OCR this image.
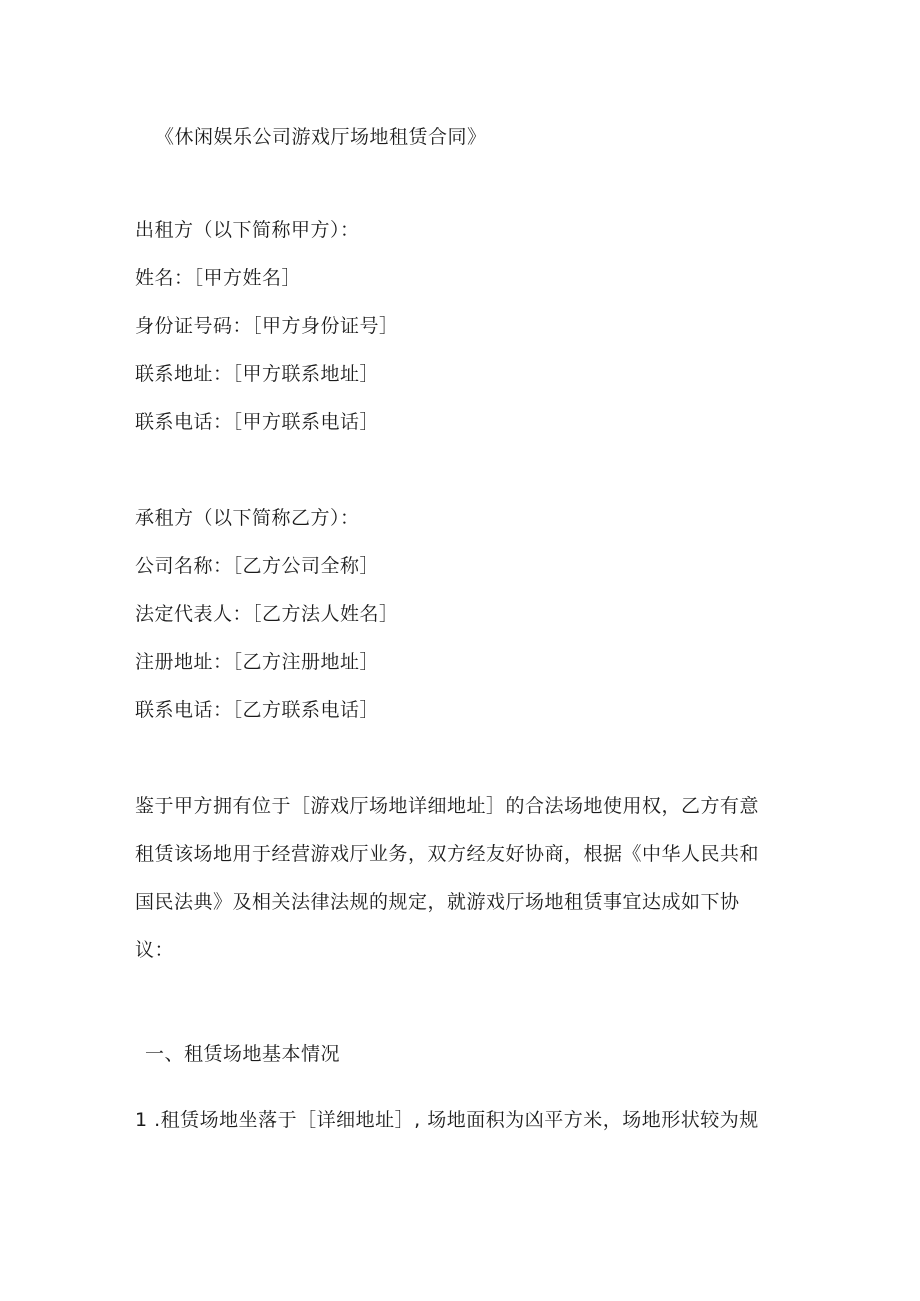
《休闲娱乐公司游戏厅场地租赁合同》
出租方（以下简称甲方）：
姓名：［甲方姓名］
身份证号码：［甲方身份证号］
联系地址：［甲方联系地址］
联系电话：［甲方联系电话］
承租方（以下简称乙方）：
公司名称：［乙方公司全称］
法定代表人：［乙方法人姓名］
注册地址：［乙方注册地址］
联系电话：［乙方联系电话］
鉴于甲方拥有位于［游戏厅场地详细地址］的合法场地使用权，乙方有意
租赁该场地用于经营游戏厅业务，双方经友好协商，根据《中华人民共和
国民法典》及相关法律法规的规定，就游戏厅场地租赁事宜达成如下协
议：
一、租赁场地基本情况
1 .租赁场地坐落于［详细地址］, 场地面积为凶平方米，场地形状较为规
